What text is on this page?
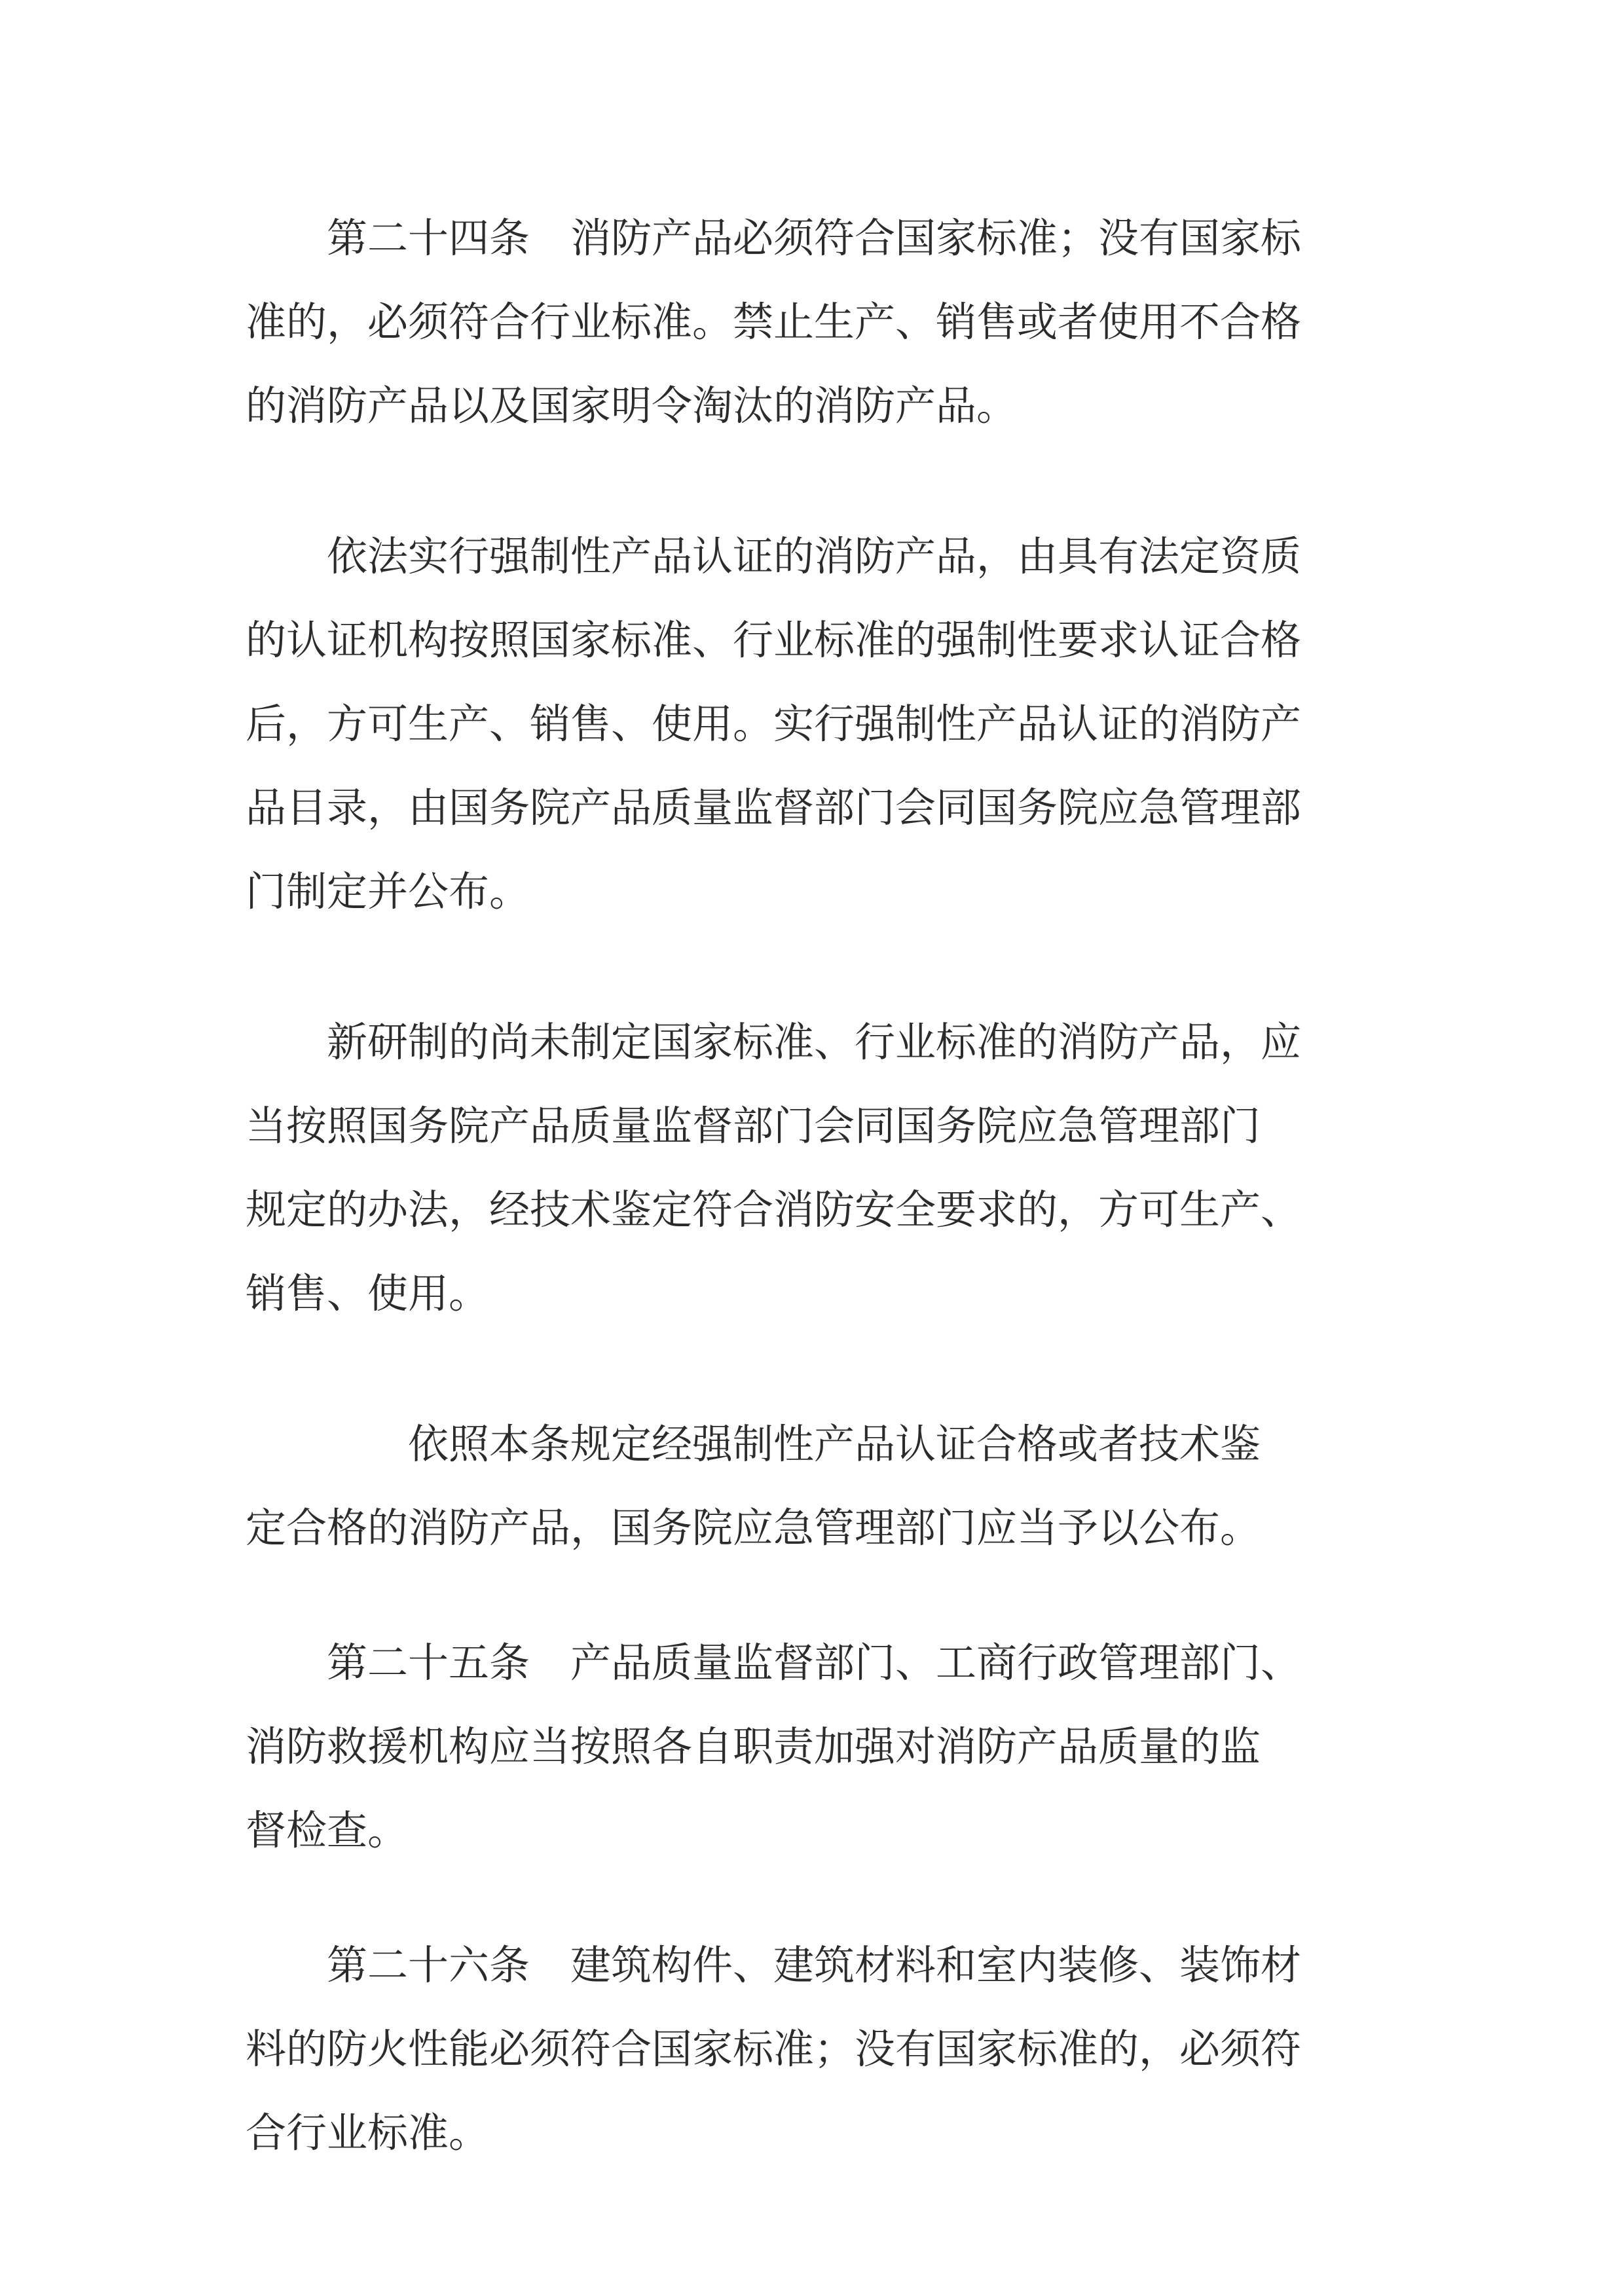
　　第二十四条　消防产品必须符合国家标准；没有国家标
准的，必须符合行业标准。禁止生产、销售或者使用不合格
的消防产品以及国家明令淘汰的消防产品。
　　依法实行强制性产品认证的消防产品，由具有法定资质
的认证机构按照国家标准、行业标准的强制性要求认证合格
后，方可生产、销售、使用。实行强制性产品认证的消防产
品目录，由国务院产品质量监督部门会同国务院应急管理部
门制定并公布。
　　新研制的尚未制定国家标准、行业标准的消防产品，应
当按照国务院产品质量监督部门会同国务院应急管理部门
规定的办法，经技术鉴定符合消防安全要求的，方可生产、
销售、使用。
　　　　依照本条规定经强制性产品认证合格或者技术鉴
定合格的消防产品，国务院应急管理部门应当予以公布。
　　第二十五条　产品质量监督部门、工商行政管理部门、
消防救援机构应当按照各自职责加强对消防产品质量的监
督检查。
　　第二十六条　建筑构件、建筑材料和室内装修、装饰材
料的防火性能必须符合国家标准；没有国家标准的，必须符
合行业标准。
